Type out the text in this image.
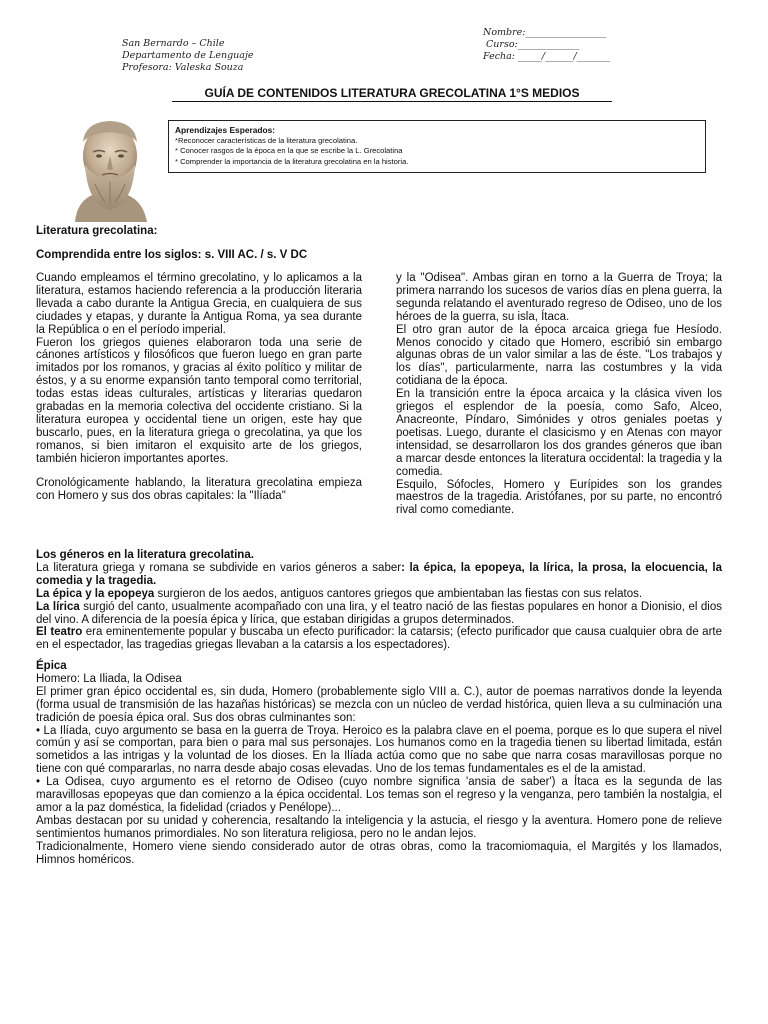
San Bernardo – Chile
Departamento de Lenguaje
Profesora: Valeska Souza
Nombre:_________________
Curso:_____________
Fecha: _____/______/_______
GUÍA DE CONTENIDOS LITERATURA GRECOLATINA 1°S MEDIOS
Aprendizajes Esperados:
*Reconocer características de la literatura grecolatina.
* Conocer rasgos de la época en la que se escribe la L. Grecolatina
* Comprender la importancia de la literatura grecolatina en la historia.
Literatura grecolatina:
Comprendida entre los siglos: s. VIII AC. / s. V DC

Cuando empleamos el término grecolatino, y lo aplicamos a la literatura, estamos haciendo referencia a la producción literaria llevada a cabo durante la Antigua Grecia, en cualquiera de sus ciudades y etapas, y durante la Antigua Roma, ya sea durante la República o en el período imperial.

Fueron los griegos quienes elaboraron toda una serie de cánones artísticos y filosóficos que fueron luego en gran parte imitados por los romanos, y gracias al éxito político y militar de éstos, y a su enorme expansión tanto temporal como territorial, todas estas ideas culturales, artísticas y literarias quedaron grabadas en la memoria colectiva del occidente cristiano. Si la literatura europea y occidental tiene un origen, este hay que buscarlo, pues, en la literatura griega o grecolatina, ya que los romanos, si bien imitaron el exquisito arte de los griegos, también hicieron importantes aportes.

Cronológicamente hablando, la literatura grecolatina empieza con Homero y sus dos obras capitales: la "Ilíada"

y la "Odisea". Ambas giran en torno a la Guerra de Troya; la primera narrando los sucesos de varios días en plena guerra, la segunda relatando el aventurado regreso de Odiseo, uno de los héroes de la guerra, su isla, Ítaca.

El otro gran autor de la época arcaica griega fue Hesíodo. Menos conocido y citado que Homero, escribió sin embargo algunas obras de un valor similar a las de éste. "Los trabajos y los días", particularmente, narra las costumbres y la vida cotidiana de la época.

En la transición entre la época arcaica y la clásica viven los griegos el esplendor de la poesía, como Safo, Alceo, Anacreonte, Píndaro, Simónides y otros geniales poetas y poetisas. Luego, durante el clasicismo y en Atenas con mayor intensidad, se desarrollaron los dos grandes géneros que iban a marcar desde entonces la literatura occidental: la tragedia y la comedia.

Esquilo, Sófocles, Homero y Eurípides son los grandes maestros de la tragedia. Aristófanes, por su parte, no encontró rival como comediante.

Los géneros en la literatura grecolatina.

La literatura griega y romana se subdivide en varios géneros a saber: la épica, la epopeya, la lírica, la prosa, la elocuencia, la comedia y la tragedia.

La épica y la epopeya surgieron de los aedos, antiguos cantores griegos que ambientaban las fiestas con sus relatos.

La lírica surgió del canto, usualmente acompañado con una lira, y el teatro nació de las fiestas populares en honor a Dionisio, el dios del vino. A diferencia de la poesía épica y lírica, que estaban dirigidas a grupos determinados.

El teatro era eminentemente popular y buscaba un efecto purificador: la catarsis; (efecto purificador que causa cualquier obra de arte en el espectador, las tragedias griegas llevaban a la catarsis a los espectadores).

Épica

Homero: La Iliada, la Odisea

El primer gran épico occidental es, sin duda, Homero (probablemente siglo VIII a. C.), autor de poemas narrativos donde la leyenda (forma usual de transmisión de las hazañas históricas) se mezcla con un núcleo de verdad histórica, quien lleva a su culminación una tradición de poesía épica oral. Sus dos obras culminantes son:

• La Ilíada, cuyo argumento se basa en la guerra de Troya. Heroico es la palabra clave en el poema, porque es lo que supera el nivel común y así se comportan, para bien o para mal sus personajes. Los humanos como en la tragedia tienen su libertad limitada, están sometidos a las intrigas y la voluntad de los dioses. En la Ilíada actúa como que no sabe que narra cosas maravillosas porque no tiene con qué compararlas, no narra desde abajo cosas elevadas. Uno de los temas fundamentales es el de la amistad.

• La Odisea, cuyo argumento es el retorno de Odiseo (cuyo nombre significa 'ansia de saber') a Ítaca es la segunda de las maravillosas epopeyas que dan comienzo a la épica occidental. Los temas son el regreso y la venganza, pero también la nostalgia, el amor a la paz doméstica, la fidelidad (criados y Penélope)...

Ambas destacan por su unidad y coherencia, resaltando la inteligencia y la astucia, el riesgo y la aventura. Homero pone de relieve sentimientos humanos primordiales. No son literatura religiosa, pero no le andan lejos.

Tradicionalmente, Homero viene siendo considerado autor de otras obras, como la tracomiomaquia, el Margités y los llamados, Himnos homéricos.
